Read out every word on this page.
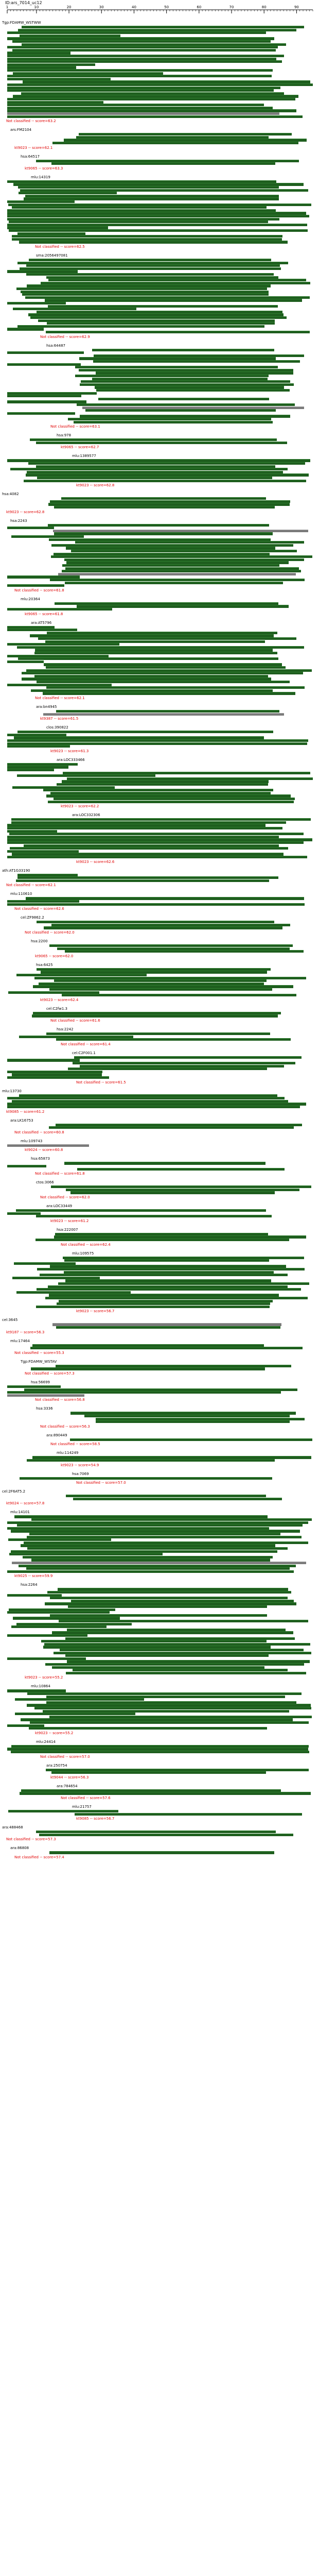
ID:ars_7014_uc12
1	10	20	30	40	50	60	70	80	90
Tgp:FDAMW_WSTWW
Not classified -- score=63.2
ars:FM2104
kt9023 -- score=62.1
hsa:64517
kt9065 -- score=63.3
mlu:14319
Not classified -- score=62.5
sma:2056497081
Not classified -- score=62.9
hsa:64487
Not classified -- score=63.1
hsa:978
kt9065 -- score=62.7
mlu:1389577
kt9023 -- score=62.8
hsa:4082
kt9023 -- score=62.8
hsa:2243
Not classified -- score=61.8
mlu:20364
kt9065 -- score=61.8
ara:AT5796
Not classified -- score=62.1
ara:bn4945
kt9387 -- score=61.5
clos:390822
kt9023 -- score=61.3
ara:LOC333466
kt9023 -- score=62.2
ara:LOC332306
kt9023 -- score=62.6
ath:AT1G33190
Not classified -- score=62.1
mlu:110610
Not classified -- score=62.6
cel:ZF9862.2
Not classified -- score=62.0
hsa:2200
kt9065 -- score=62.0
hsa:6425
kt9023 -- score=62.4
cel:C2fw1.3
Not classified -- score=61.6
hsa:2242
Not classified -- score=61.4
cel:C2F001.1
Not classified -- score=61.5
mlu:13730
kt9085 -- score=61.2
ara:LK16753
Not classified -- score=60.8
mlu:109743
kt9024 -- score=60.8
hsa:65873
Not classified -- score=61.8
ctos:3066
Not classified -- score=62.0
ara:LOC33449
kt9023 -- score=61.2
hsa:222007
Not classified -- score=62.4
mlu:109575
kt9023 -- score=56.7
cel:3645
kt9187 -- score=56.3
mlu:17464
Not classified -- score=55.3
Tgp:FDAMW_WSTAV
Not classified -- score=57.3
hsa:56699
Not classified -- score=56.8
hsa:3336
Not classified -- score=56.3
ara:890449
Not classified -- score=58.5
mlu:114249
kt9023 -- score=54.9
hsa:7069
Not classified -- score=57.0
cel:2F6AT5.2
kt9024 -- score=57.8
mlu:14101
kt9025 -- score=59.9
hsa:2264
kt9023 -- score=55.2
mlu:10864
kt9023 -- score=55.2
mlu:24414
Not classified -- score=57.0
ara:250754
kt9044 -- score=56.3
ara:784654
Not classified -- score=57.6
mlu:21757
kt9085 -- score=56.7
ara:488468
Not classified -- score=57.3
ara:86808
Not classified -- score=57.4
